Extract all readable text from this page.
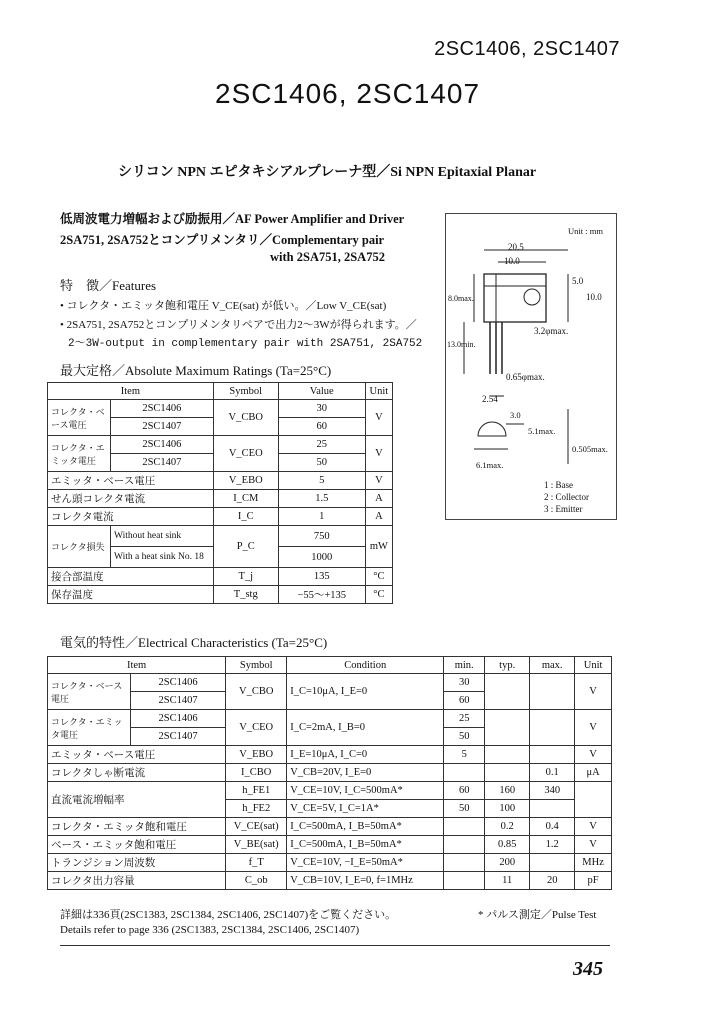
2SC1406, 2SC1407
2SC1406, 2SC1407
シリコン NPN エピタキシアルプレーナ型／Si NPN Epitaxial Planar
低周波電力増幅および励振用／AF Power Amplifier and Driver
2SA751, 2SA752とコンプリメンタリ／Complementary pair
with 2SA751, 2SA752
特　徴／Features
• コレクタ・エミッタ飽和電圧 V_CE(sat) が低い。／Low V_CE(sat)
• 2SA751, 2SA752とコンプリメンタリペアで出力2～3Wが得られます。／
2～3W-output in complementary pair with 2SA751, 2SA752
最大定格／Absolute Maximum Ratings (Ta=25°C)
Item		Symbol	Value	Unit
コレクタ・ベース電圧	2SC1406	V_CBO	30	V
	2SC1407		60	
コレクタ・エミッタ電圧	2SC1406	V_CEO	25	V
	2SC1407		50	
エミッタ・ベース電圧		V_EBO	5	V
せん頭コレクタ電流		I_CM	1.5	A
コレクタ電流		I_C	1	A
コレクタ損失	Without heat sink	P_C	750	mW
	With a heat sink No. 18		1000	
接合部温度		T_j	135	°C
保存温度		T_stg	−55～+135	°C
Unit : mm
20.5
10.0
5.0
10.0
8.0max.
3.2φmax.
13.0min.
0.65φmax.
2.54
3.0
5.1max.
0.505max.
6.1max.
1 : Base
2 : Collector
3 : Emitter
電気的特性／Electrical Characteristics (Ta=25°C)
Item		Symbol	Condition	min.	typ.	max.	Unit
コレクタ・ベース電圧	2SC1406	V_CBO	I_C=10μA, I_E=0	30			V
	2SC1407			60			
コレクタ・エミッタ電圧	2SC1406	V_CEO	I_C=2mA, I_B=0	25			V
	2SC1407			50			
エミッタ・ベース電圧		V_EBO	I_E=10μA, I_C=0	5			V
コレクタしゃ断電流		I_CBO	V_CB=20V, I_E=0			0.1	μA
直流電流増幅率		h_FE1	V_CE=10V, I_C=500mA*	60	160	340	
		h_FE2	V_CE=5V, I_C=1A*	50	100		
コレクタ・エミッタ飽和電圧		V_CE(sat)	I_C=500mA, I_B=50mA*		0.2	0.4	V
ベース・エミッタ飽和電圧		V_BE(sat)	I_C=500mA, I_B=50mA*		0.85	1.2	V
トランジション周波数		f_T	V_CE=10V, −I_E=50mA*		200		MHz
コレクタ出力容量		C_ob	V_CB=10V, I_E=0, f=1MHz		11	20	pF
詳細は336頁(2SC1383, 2SC1384, 2SC1406, 2SC1407)をご覧ください。	* パルス測定／Pulse Test
Details refer to page 336 (2SC1383, 2SC1384, 2SC1406, 2SC1407)
345
